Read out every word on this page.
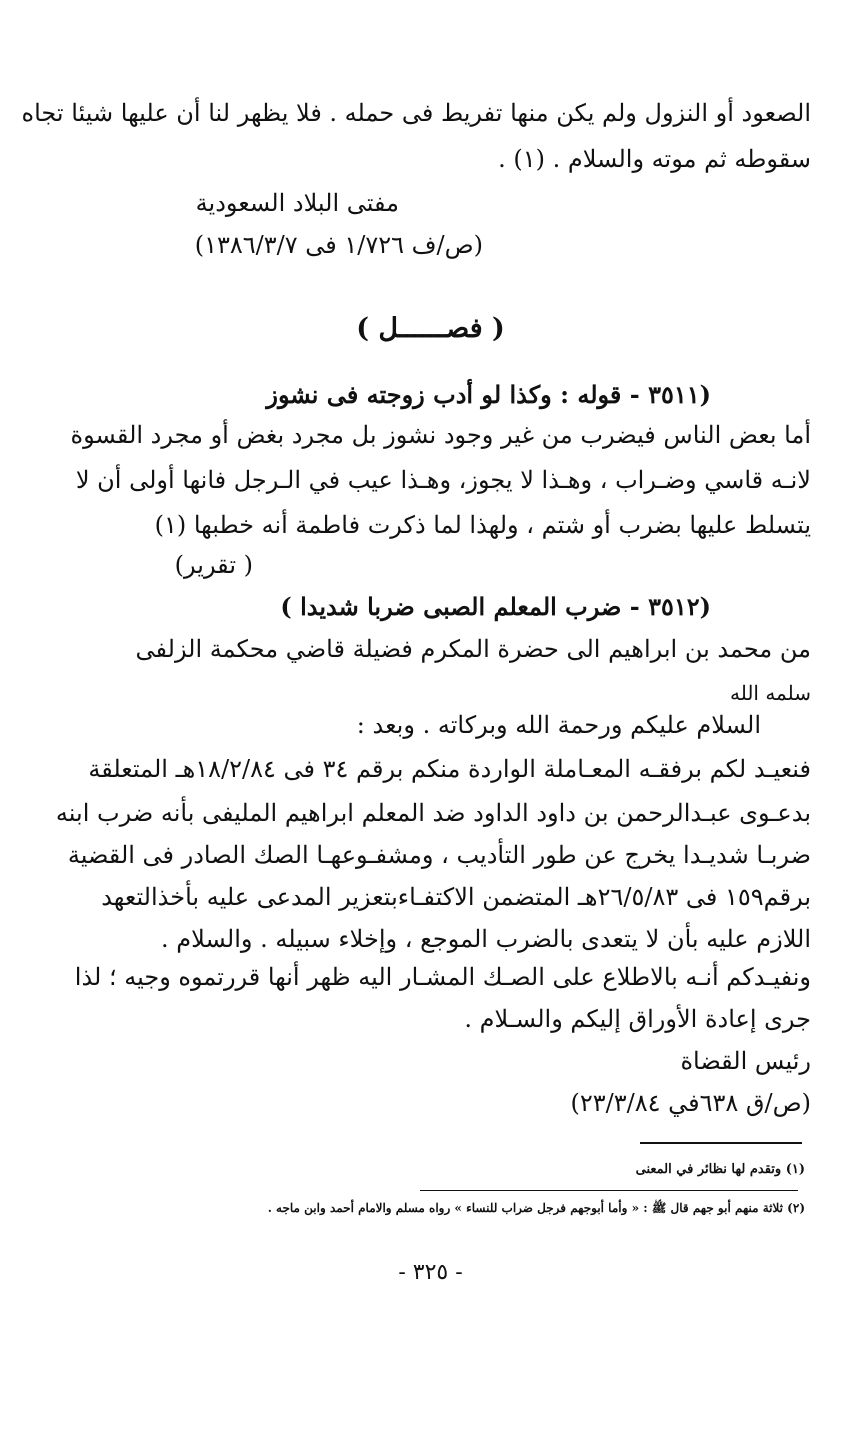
الصعود أو النزول ولم يكن منها تفريط فى حمله . فلا يظهر لنا أن عليها شيئا تجاه
سقوطه ثم موته والسلام . (١) .
مفتى البلاد السعودية
(ص/ف ١/٧٢٦ فى ١٣٨٦/٣/٧)
( فصــــــل )
(٣٥١١ - قوله : وكذا لو أدب زوجته فى نشوز
أما بعض الناس فيضرب من غير وجود نشوز بل مجرد بغض أو مجرد القسوة
لانـه قاسي وضـراب ، وهـذا لا يجوز، وهـذا عيب في الـرجل فانها أولى أن لا
يتسلط عليها بضرب أو شتم ، ولهذا لما ذكرت فاطمة أنه خطبها (١)
( تقرير)
(٣٥١٢ - ضرب المعلم الصبى ضربا شديدا )
من محمد بن ابراهيم الى حضرة المكرم فضيلة قاضي محكمة الزلفى
سلمه الله
السلام عليكم ورحمة الله وبركاته . وبعد :
فنعيـد لكم برفقـه المعـاملة الواردة منكم برقم ٣٤ فى ١٨/٢/٨٤هـ المتعلقة
بدعـوى عبـدالرحمن بن داود الداود ضد المعلم ابراهيم المليفى بأنه ضرب ابنه
ضربـا شديـدا يخرج عن طور التأديب ، ومشفـوعهـا الصك الصادر فى القضية
برقم١٥٩ فى ٢٦/٥/٨٣هـ المتضمن الاكتفـاءبتعزير المدعى عليه بأخذالتعهد
اللازم عليه بأن لا يتعدى بالضرب الموجع ، وإخلاء سبيله . والسلام .
ونفيـدكم أنـه بالاطلاع على الصـك المشـار اليه ظهر أنها قررتموه وجيه ؛ لذا
جرى إعادة الأوراق إليكم والسـلام .
رئيس القضاة
(ص/ق ٦٣٨في ٢٣/٣/٨٤)
(١) وتقدم لها نظائر في المعنى
(٢) ثلاثة منهم أبو جهم قال ﷺ : « وأما أبوجهم فرجل ضراب للنساء » رواه مسلم والامام أحمد وابن ماجه .
- ٣٢٥ -
